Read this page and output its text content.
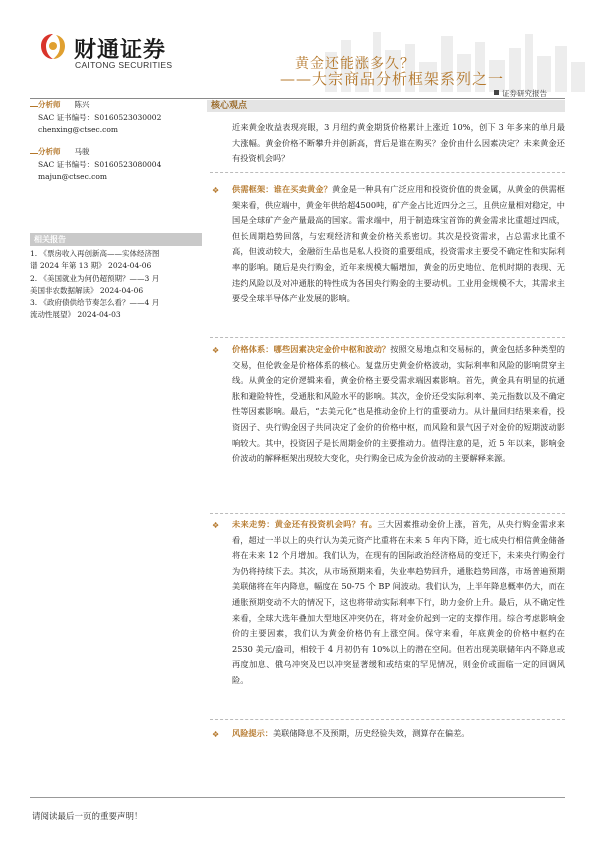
财通证券
CAITONG SECURITIES	黄金还能涨多久？
——大宗商品分析框架系列之一
证券研究报告
分析师 陈兴
SAC 证书编号：S0160523030002
chenxing@ctsec.com
分析师 马骏
SAC 证书编号：S0160523080004
majun@ctsec.com
相关报告
1. 《票房收入再创新高——实体经济图
谱 2024 年第 13 期》 2024-04-06
2. 《美国就业为何仍超预期？——3 月
美国非农数据解读》 2024-04-06
3. 《政府债供给节奏怎么看？——4 月
流动性展望》 2024-04-03
核心观点
近来黄金收益表现亮眼，3 月纽约黄金期货价格累计上涨近 10%，创下 3 年多来的单月最大涨幅。黄金价格不断攀升并创新高，背后是谁在购买？金价由什么因素决定？未来黄金还有投资机会吗？
❖ 供需框架：谁在买卖黄金？黄金是一种具有广泛应用和投资价值的贵金属，从黄金的供需框架来看，供应端中，黄金年供给超4500吨，矿产金占比近四分之三，且供应量相对稳定，中国是全球矿产金产量最高的国家。需求端中，用于制造珠宝首饰的黄金需求比重超过四成，但长周期趋势回落，与宏观经济和黄金价格关系密切。其次是投资需求，占总需求比重不高，但波动较大，金融衍生品也是私人投资的重要组成，投资需求主要受不确定性和实际利率的影响。随后是央行购金，近年来规模大幅增加，黄金的历史地位、危机时期的表现、无违约风险以及对冲通胀的特性成为各国央行购金的主要动机。工业用金规模不大，其需求主要受全球半导体产业发展的影响。
❖ 价格体系：哪些因素决定金价中枢和波动？按照交易地点和交易标的，黄金包括多种类型的交易，但伦敦金是价格体系的核心。复盘历史黄金价格波动，实际利率和风险的影响贯穿主线。从黄金的定价逻辑来看，黄金价格主要受需求端因素影响。首先，黄金具有明显的抗通胀和避险特性，受通胀和风险水平的影响。其次，金价还受实际利率、美元指数以及不确定性等因素影响。最后，“去美元化”也是推动金价上行的重要动力。从计量回归结果来看，投资因子、央行购金因子共同决定了金价的价格中枢，而风险和景气因子对金价的短期波动影响较大。其中，投资因子是长周期金价的主要推动力。值得注意的是，近 5 年以来，影响金价波动的解释框架出现较大变化，央行购金已成为金价波动的主要解释来源。
❖ 未来走势：黄金还有投资机会吗？有。三大因素推动金价上涨，首先，从央行购金需求来看，超过一半以上的央行认为美元资产比重将在未来 5 年内下降，近七成央行相信黄金储备将在未来 12 个月增加。我们认为，在现有的国际政治经济格局的变迁下，未来央行购金行为仍将持续下去。其次，从市场预期来看，失业率趋势回升，通胀趋势回落，市场普遍预期美联储将在年内降息，幅度在 50-75 个 BP 间波动。我们认为，上半年降息概率仍大，而在通胀预期变动不大的情况下，这也将带动实际利率下行，助力金价上升。最后，从不确定性来看，全球大选年叠加大型地区冲突仍在，将对金价起到一定的支撑作用。综合考虑影响金价的主要因素，我们认为黄金价格仍有上涨空间。保守来看，年底黄金的价格中枢约在 2530 美元/盎司，相较于 4 月初仍有 10%以上的潜在空间。但若出现美联储年内不降息或再度加息、俄乌冲突及巴以冲突显著缓和或结束的罕见情况，则金价或面临一定的回调风险。
❖ 风险提示：美联储降息不及预期，历史经验失效，测算存在偏差。
请阅读最后一页的重要声明！
